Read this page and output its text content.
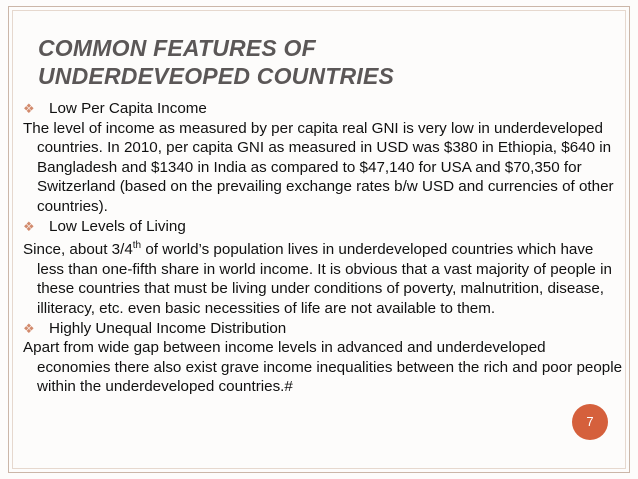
COMMON FEATURES OF
UNDERDEVEOPED COUNTRIES
❖ Low Per Capita Income
The level of income as measured by per capita real GNI is very low in underdeveloped countries. In 2010, per capita GNI as measured in USD was $380 in Ethiopia, $640 in Bangladesh and $1340 in India as compared to $47,140 for USA and $70,350 for Switzerland (based on the prevailing exchange rates b/w USD and currencies of other countries).
❖ Low Levels of Living
Since, about 3/4th of world’s population lives in underdeveloped countries which have less than one-fifth share in world income. It is obvious that a vast majority of people in these countries that must be living under conditions of poverty, malnutrition, disease, illiteracy, etc. even basic necessities of life are not available to them.
❖ Highly Unequal Income Distribution
Apart from wide gap between income levels in advanced and underdeveloped economies there also exist grave income inequalities between the rich and poor people within the underdeveloped countries.#
7
